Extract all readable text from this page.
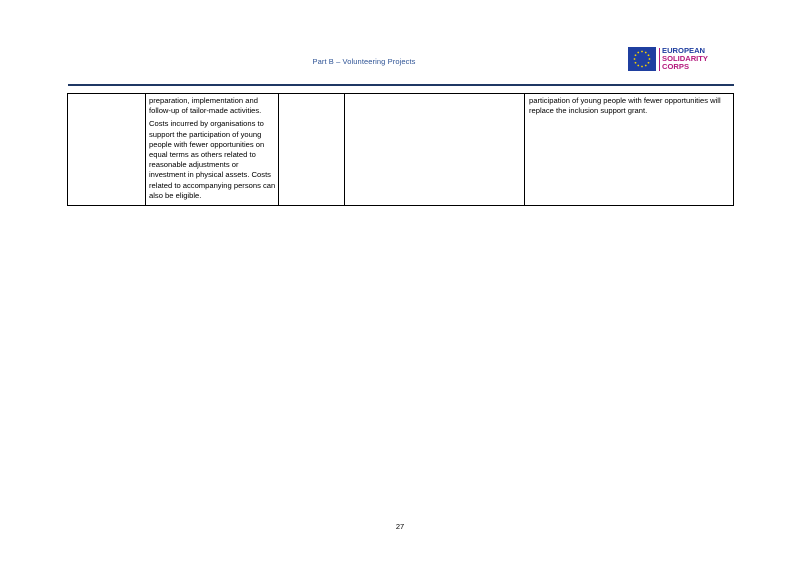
Part B – Volunteering Projects
EUROPEAN
SOLIDARITY
CORPS

preparation, implementation and follow-up of tailor-made activities.

Costs incurred by organisations to support the participation of young people with fewer opportunities on equal terms as others related to reasonable adjustments or investment in physical assets. Costs related to accompanying persons can also be eligible.

participation of young people with fewer opportunities will replace the inclusion support grant.

27
